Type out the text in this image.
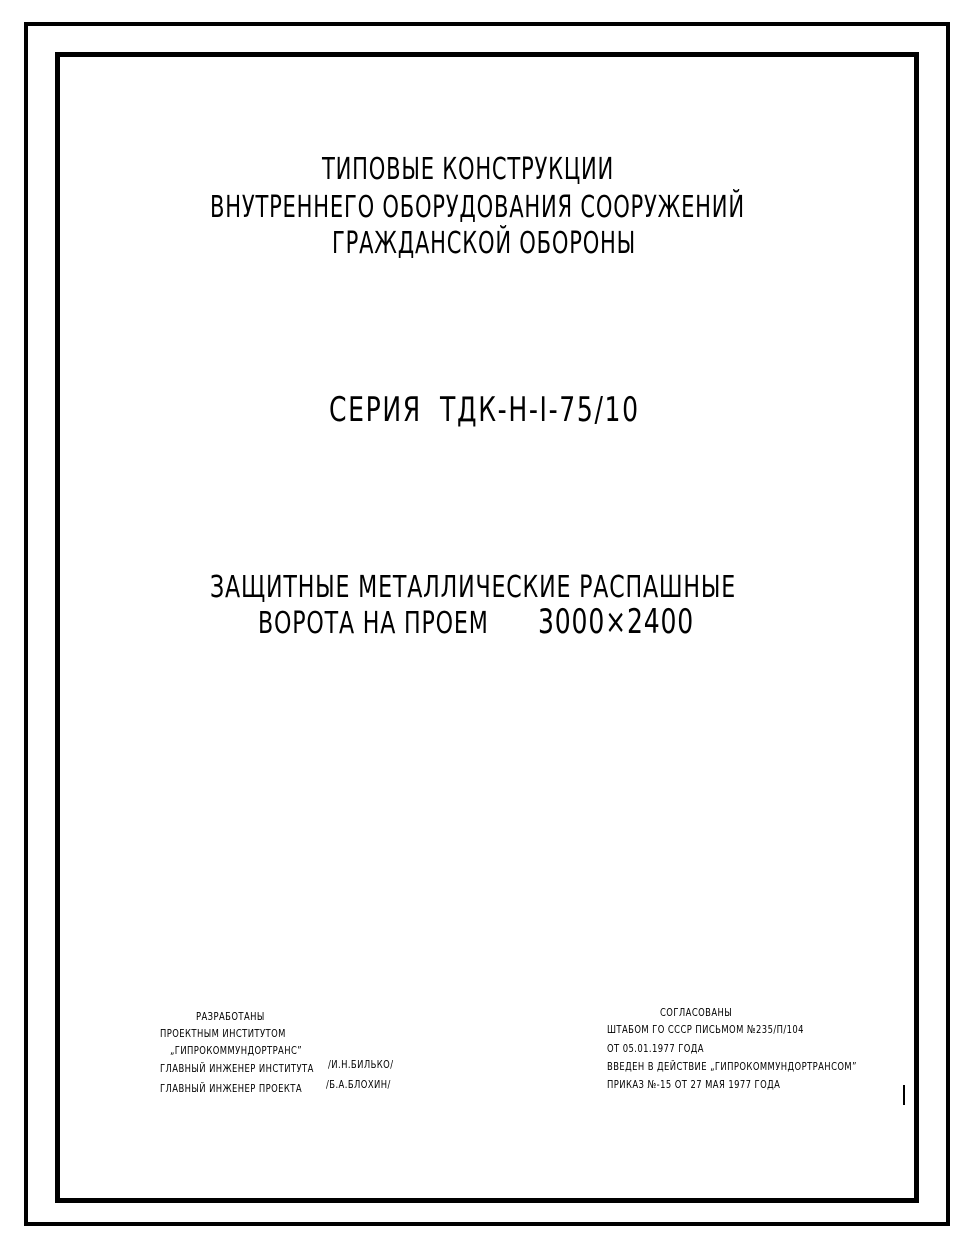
ТИПОВЫЕ КОНСТРУКЦИИ
ВНУТРЕННЕГО ОБОРУДОВАНИЯ СООРУЖЕНИЙ
ГРАЖДАНСКОЙ ОБОРОНЫ
СЕРИЯ ТДК-Н-I-75/10
ЗАЩИТНЫЕ МЕТАЛЛИЧЕСКИЕ РАСПАШНЫЕ
ВОРОТА НА ПРОЕМ 3000×2400
РАЗРАБОТАНЫ
ПРОЕКТНЫМ ИНСТИТУТОМ
„ГИПРОКОММУНДОРТРАНС”
ГЛАВНЫЙ ИНЖЕНЕР ИНСТИТУТА /И.Н.БИЛЬКО/
ГЛАВНЫЙ ИНЖЕНЕР ПРОЕКТА /Б.А.БЛОХИН/
СОГЛАСОВАНЫ
ШТАБОМ ГО СССР ПИСЬМОМ №235/П/104
ОТ 05.01.1977 ГОДА
ВВЕДЕН В ДЕЙСТВИЕ „ГИПРОКОММУНДОРТРАНСОМ”
ПРИКАЗ №-15 ОТ 27 МАЯ 1977 ГОДА
